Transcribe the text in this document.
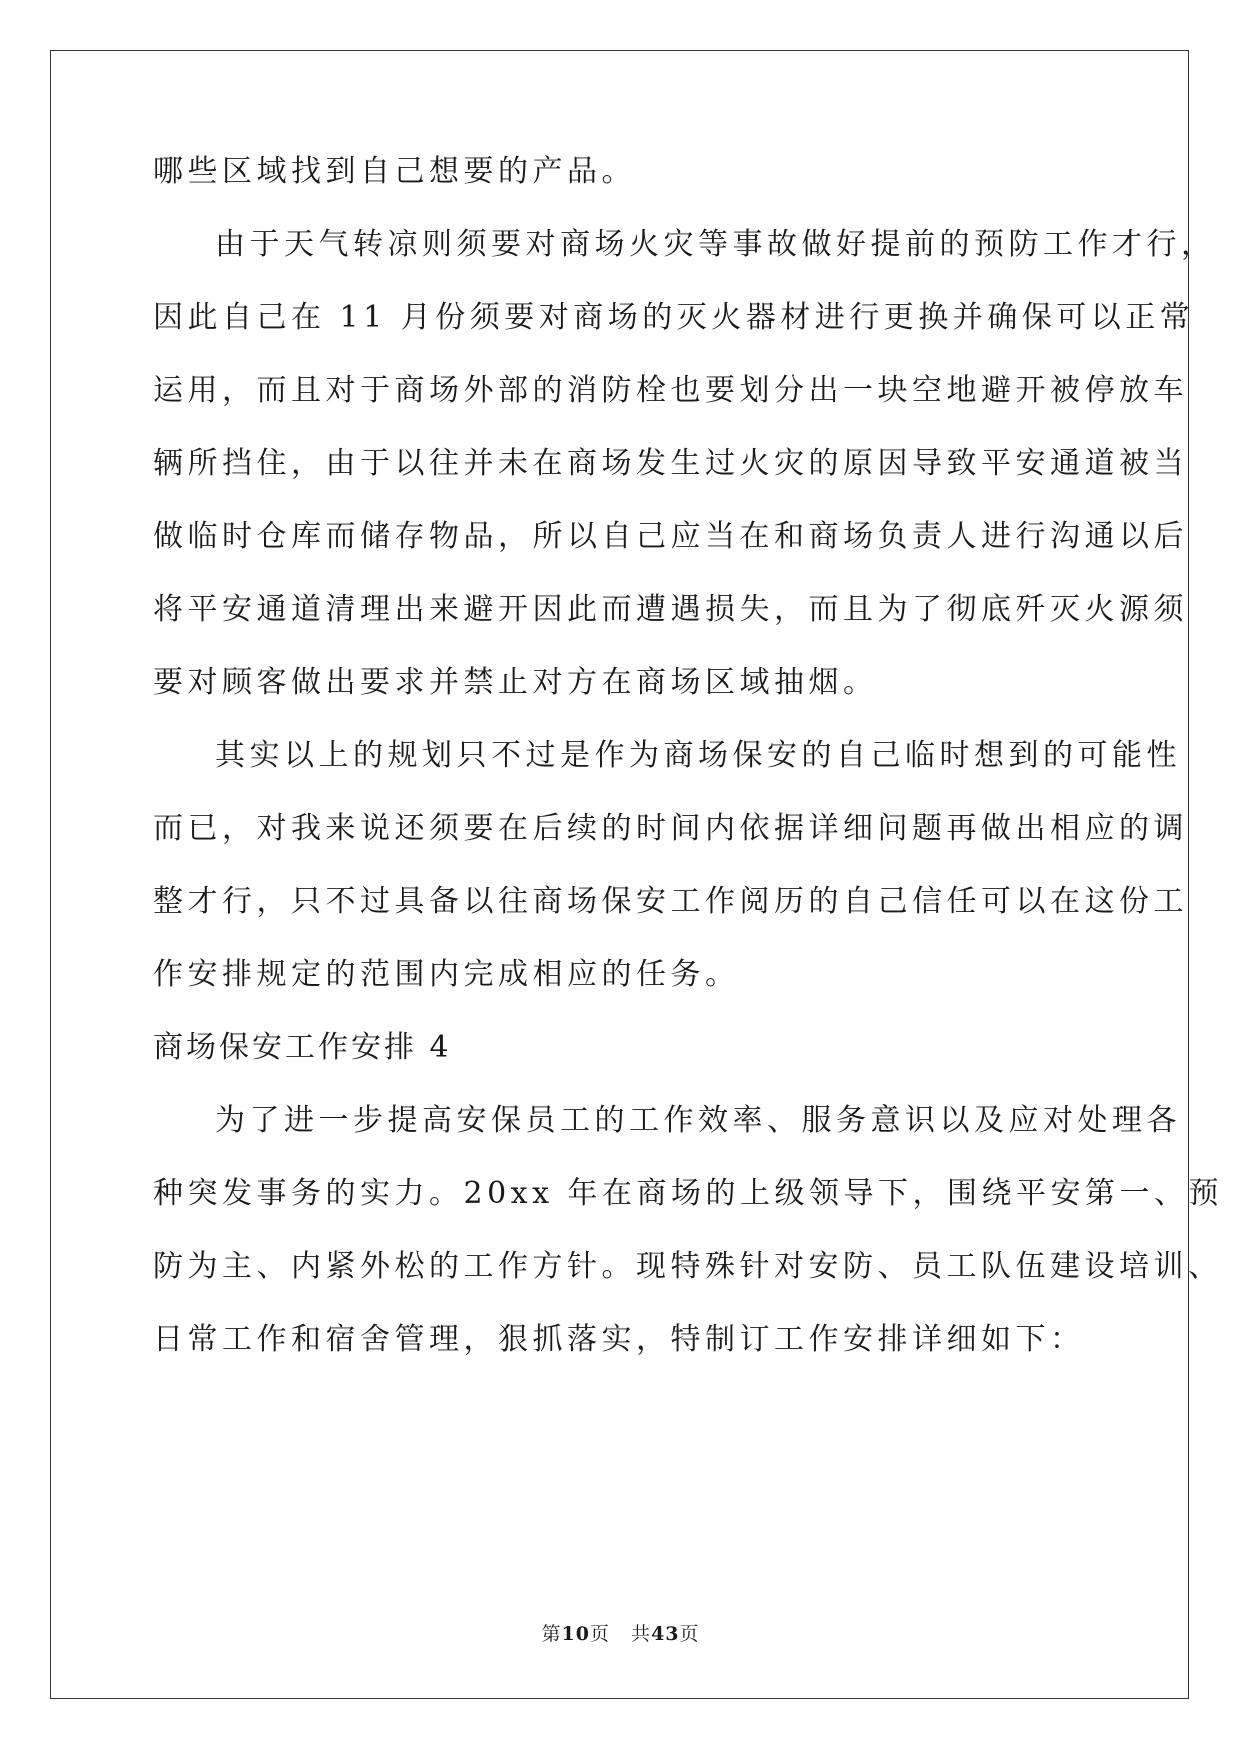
哪些区域找到自己想要的产品。
由于天气转凉则须要对商场火灾等事故做好提前的预防工作才行，
因此自己在 11 月份须要对商场的灭火器材进行更换并确保可以正常
运用，而且对于商场外部的消防栓也要划分出一块空地避开被停放车
辆所挡住，由于以往并未在商场发生过火灾的原因导致平安通道被当
做临时仓库而储存物品，所以自己应当在和商场负责人进行沟通以后
将平安通道清理出来避开因此而遭遇损失，而且为了彻底歼灭火源须
要对顾客做出要求并禁止对方在商场区域抽烟。
其实以上的规划只不过是作为商场保安的自己临时想到的可能性
而已，对我来说还须要在后续的时间内依据详细问题再做出相应的调
整才行，只不过具备以往商场保安工作阅历的自己信任可以在这份工
作安排规定的范围内完成相应的任务。
商场保安工作安排 4
为了进一步提高安保员工的工作效率、服务意识以及应对处理各
种突发事务的实力。20xx 年在商场的上级领导下，围绕平安第一、预
防为主、内紧外松的工作方针。现特殊针对安防、员工队伍建设培训、
日常工作和宿舍管理，狠抓落实，特制订工作安排详细如下：
第10页   共43页
